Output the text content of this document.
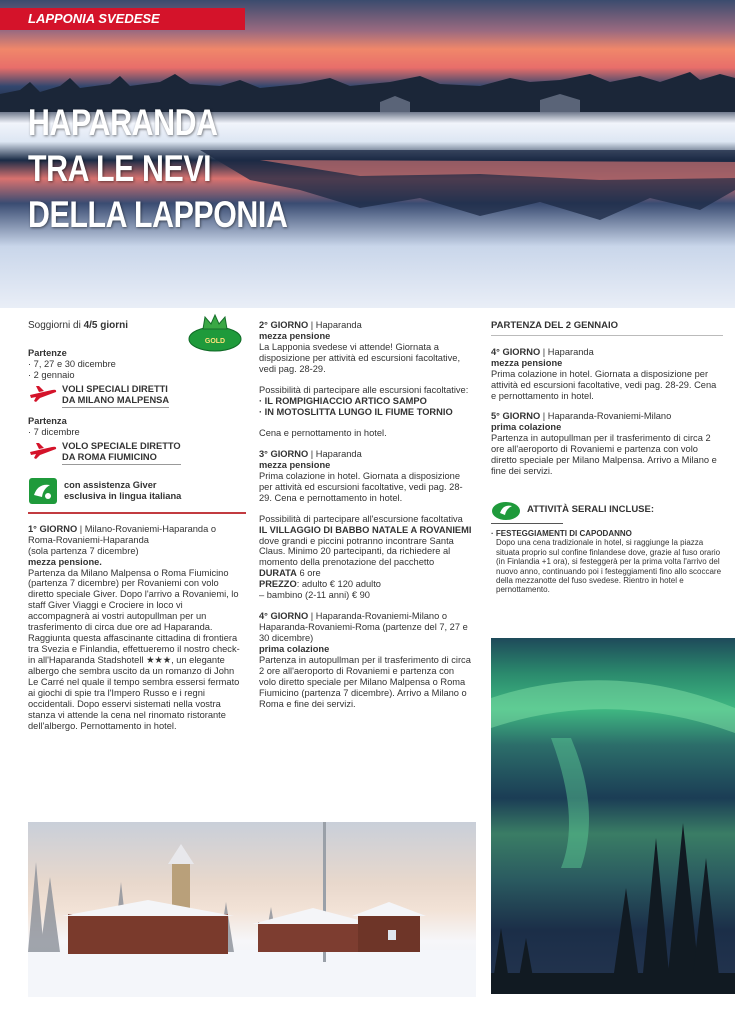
LAPPONIA SVEDESE
HAPARANDA
TRA LE NEVI
DELLA LAPPONIA
GOLD

Soggiorni di 4/5 giorni

Partenze

· 7, 27 e 30 dicembre

· 2 gennaio

VOLI SPECIALI DIRETTI
DA MILANO MALPENSA

Partenza

· 7 dicembre

VOLO SPECIALE DIRETTO
DA ROMA FIUMICINO
con assistenza Giver
esclusiva in lingua italiana

1° GIORNO | Milano-Rovaniemi-Haparanda o Roma-Rovaniemi-Haparanda

(sola partenza 7 dicembre)

mezza pensione.

Partenza da Milano Malpensa o Roma Fiumicino (partenza 7 dicembre) per Rovaniemi con volo diretto speciale Giver. Dopo l'arrivo a Rovaniemi, lo staff Giver Viaggi e Crociere in loco vi accompagnerà ai vostri autopullman per un trasferimento di circa due ore ad Haparanda. Raggiunta questa affascinante cittadina di frontiera tra Svezia e Finlandia, effettueremo il nostro check-in all'Haparanda Stadshotell ★★★, un elegante albergo che sembra uscito da un romanzo di John Le Carré nel quale il tempo sembra essersi fermato ai giochi di spie tra l'Impero Russo e i regni occidentali. Dopo esservi sistemati nella vostra stanza vi attende la cena nel rinomato ristorante dell'albergo. Pernottamento in hotel.

2° GIORNO | Haparanda

mezza pensione

La Lapponia svedese vi attende! Giornata a disposizione per attività ed escursioni facoltative, vedi pag. 28-29.

Possibilità di partecipare alle escursioni facoltative:

· IL ROMPIGHIACCIO ARTICO SAMPO

· IN MOTOSLITTA LUNGO IL FIUME TORNIO

Cena e pernottamento in hotel.

3° GIORNO | Haparanda

mezza pensione

Prima colazione in hotel. Giornata a disposizione per attività ed escursioni facoltative, vedi pag. 28-29. Cena e pernottamento in hotel.

Possibilità di partecipare all'escursione facoltativa IL VILLAGGIO DI BABBO NATALE A ROVANIEMI dove grandi e piccini potranno incontrare Santa Claus. Minimo 20 partecipanti, da richiedere al momento della prenotazione del pacchetto

DURATA 6 ore

PREZZO: adulto € 120 adulto

– bambino (2-11 anni) € 90

4° GIORNO | Haparanda-Rovaniemi-Milano o Haparanda-Rovaniemi-Roma (partenze del 7, 27 e 30 dicembre)

prima colazione

Partenza in autopullman per il trasferimento di circa 2 ore all'aeroporto di Rovaniemi e partenza con volo diretto speciale per Milano Malpensa o Roma Fiumicino (partenza 7 dicembre). Arrivo a Milano o Roma e fine dei servizi.

PARTENZA DEL 2 GENNAIO

4° GIORNO | Haparanda

mezza pensione

Prima colazione in hotel. Giornata a disposizione per attività ed escursioni facoltative, vedi pag. 28-29. Cena e pernottamento in hotel.

5° GIORNO | Haparanda-Rovaniemi-Milano

prima colazione

Partenza in autopullman per il trasferimento di circa 2 ore all'aeroporto di Rovaniemi e partenza con volo diretto speciale per Milano Malpensa. Arrivo a Milano e fine dei servizi.

ATTIVITÀ SERALI INCLUSE:

· FESTEGGIAMENTI DI CAPODANNO

Dopo una cena tradizionale in hotel, si raggiunge la piazza situata proprio sul confine finlandese dove, grazie al fuso orario (in Finlandia +1 ora), si festeggerà per la prima volta l'arrivo del nuovo anno, continuando poi i festeggiamenti fino allo scoccare della mezzanotte del fuso svedese. Rientro in hotel e pernottamento.
